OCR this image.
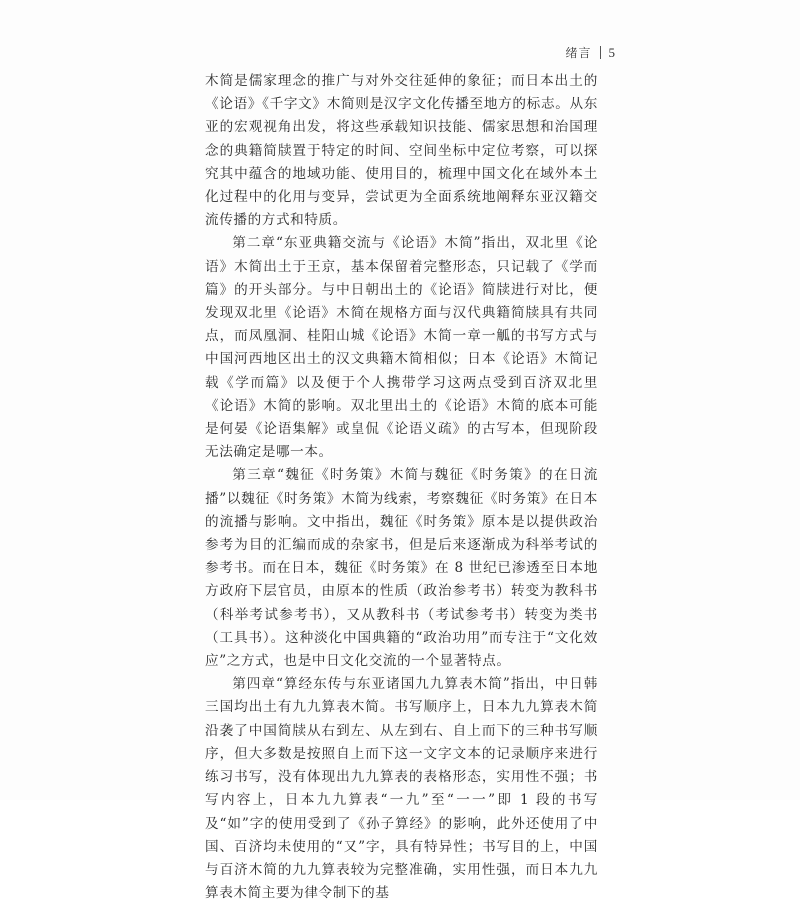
绪言 5

木简是儒家理念的推广与对外交往延伸的象征；而日本出土的《论语》《千字文》木简则是汉字文化传播至地方的标志。从东亚的宏观视角出发，将这些承载知识技能、儒家思想和治国理念的典籍简牍置于特定的时间、空间坐标中定位考察，可以探究其中蕴含的地域功能、使用目的，梳理中国文化在域外本土化过程中的化用与变异，尝试更为全面系统地阐释东亚汉籍交流传播的方式和特质。

第二章“东亚典籍交流与《论语》木简”指出，双北里《论语》木简出土于王京，基本保留着完整形态，只记载了《学而篇》的开头部分。与中日朝出土的《论语》简牍进行对比，便发现双北里《论语》木简在规格方面与汉代典籍简牍具有共同点，而凤凰洞、桂阳山城《论语》木简一章一觚的书写方式与中国河西地区出土的汉文典籍木简相似；日本《论语》木简记载《学而篇》以及便于个人携带学习这两点受到百济双北里《论语》木简的影响。双北里出土的《论语》木简的底本可能是何晏《论语集解》或皇侃《论语义疏》的古写本，但现阶段无法确定是哪一本。

第三章“魏征《时务策》木简与魏征《时务策》的在日流播”以魏征《时务策》木简为线索，考察魏征《时务策》在日本的流播与影响。文中指出，魏征《时务策》原本是以提供政治参考为目的汇编而成的杂家书，但是后来逐渐成为科举考试的参考书。而在日本，魏征《时务策》在 8 世纪已渗透至日本地方政府下层官员，由原本的性质（政治参考书）转变为教科书（科举考试参考书），又从教科书（考试参考书）转变为类书（工具书）。这种淡化中国典籍的“政治功用”而专注于“文化效应”之方式，也是中日文化交流的一个显著特点。

第四章“算经东传与东亚诸国九九算表木简”指出，中日韩三国均出土有九九算表木简。书写顺序上，日本九九算表木简沿袭了中国简牍从右到左、从左到右、自上而下的三种书写顺序，但大多数是按照自上而下这一文字文本的记录顺序来进行练习书写，没有体现出九九算表的表格形态，实用性不强；书写内容上，日本九九算表“一九”至“一一”即 1 段的书写及“如”字的使用受到了《孙子算经》的影响，此外还使用了中国、百济均未使用的“又”字，具有特异性；书写目的上，中国与百济木简的九九算表较为完整准确，实用性强，而日本九九算表木简主要为律令制下的基
